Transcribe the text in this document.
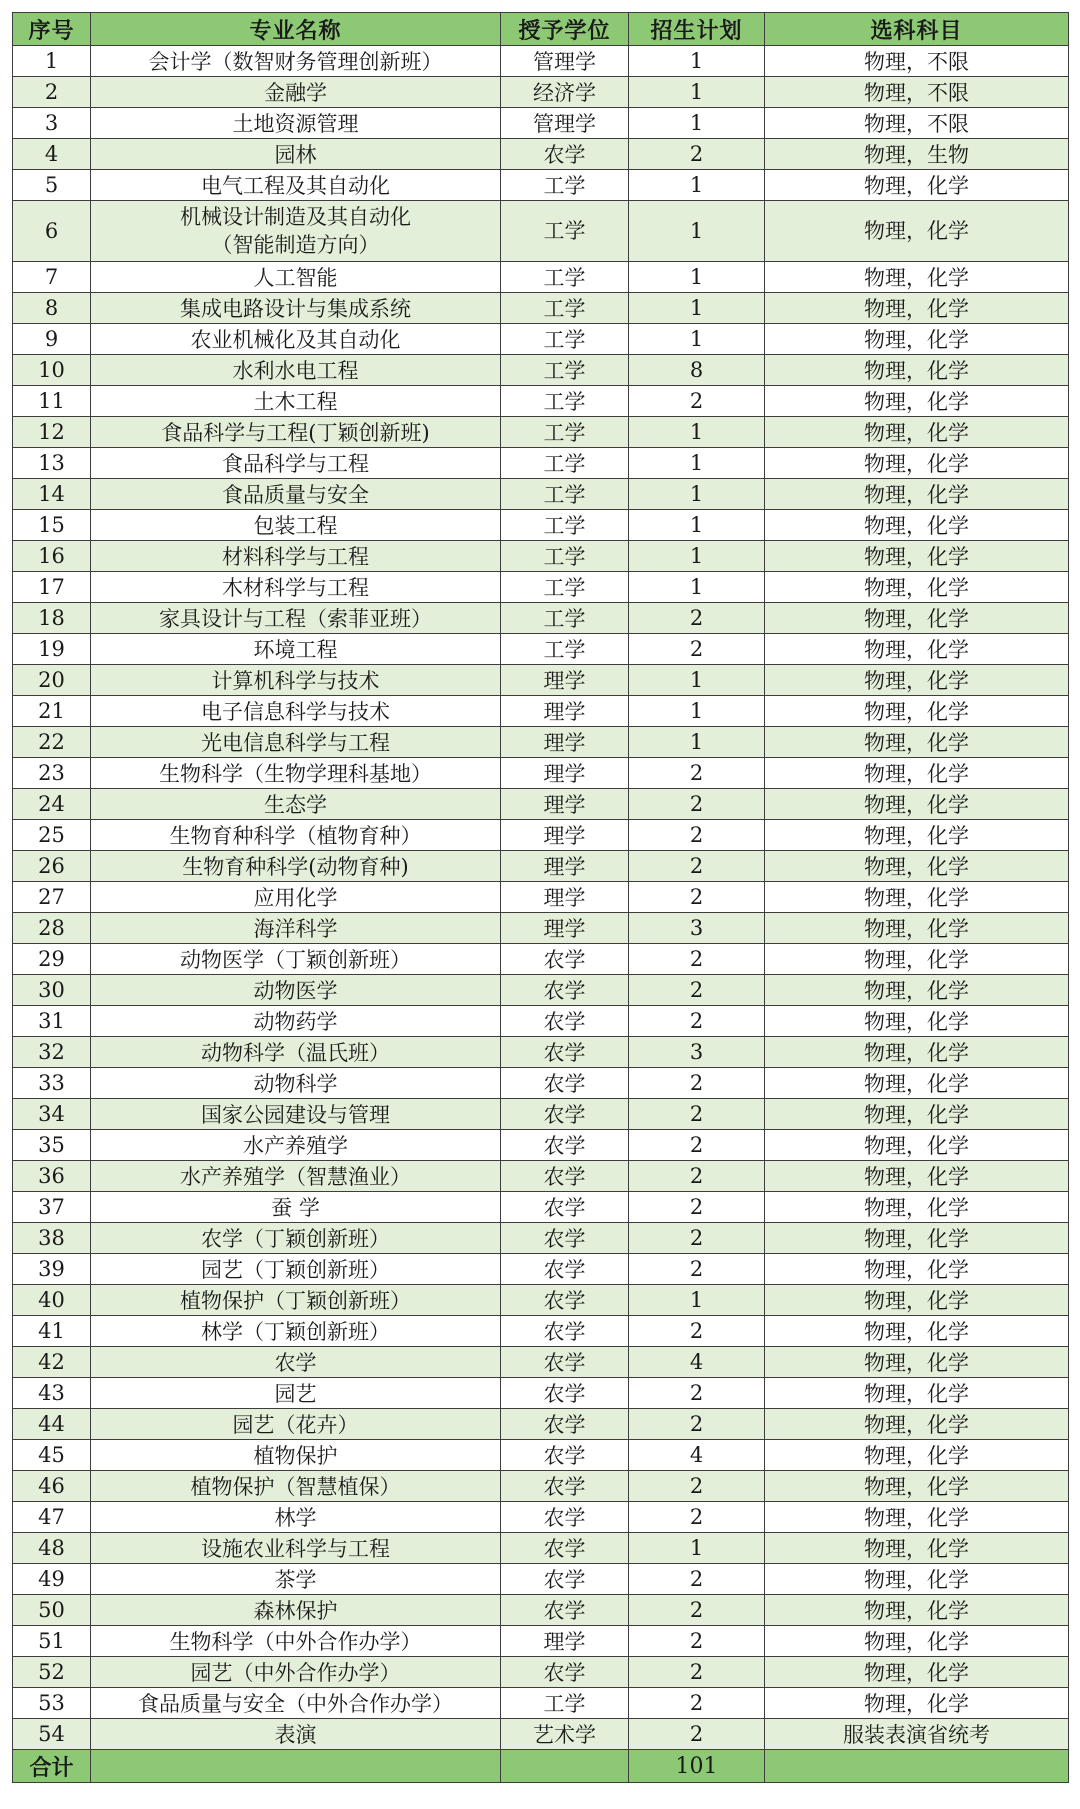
序号	专业名称	授予学位	招生计划	选科科目
1	会计学（数智财务管理创新班）	管理学	1	物理，不限
2	金融学	经济学	1	物理，不限
3	土地资源管理	管理学	1	物理，不限
4	园林	农学	2	物理，生物
5	电气工程及其自动化	工学	1	物理，化学
6	机械设计制造及其自动化
（智能制造方向）	工学	1	物理，化学
7	人工智能	工学	1	物理，化学
8	集成电路设计与集成系统	工学	1	物理，化学
9	农业机械化及其自动化	工学	1	物理，化学
10	水利水电工程	工学	8	物理，化学
11	土木工程	工学	2	物理，化学
12	食品科学与工程(丁颖创新班)	工学	1	物理，化学
13	食品科学与工程	工学	1	物理，化学
14	食品质量与安全	工学	1	物理，化学
15	包装工程	工学	1	物理，化学
16	材料科学与工程	工学	1	物理，化学
17	木材科学与工程	工学	1	物理，化学
18	家具设计与工程（索菲亚班）	工学	2	物理，化学
19	环境工程	工学	2	物理，化学
20	计算机科学与技术	理学	1	物理，化学
21	电子信息科学与技术	理学	1	物理，化学
22	光电信息科学与工程	理学	1	物理，化学
23	生物科学（生物学理科基地）	理学	2	物理，化学
24	生态学	理学	2	物理，化学
25	生物育种科学（植物育种）	理学	2	物理，化学
26	生物育种科学(动物育种)	理学	2	物理，化学
27	应用化学	理学	2	物理，化学
28	海洋科学	理学	3	物理，化学
29	动物医学（丁颖创新班）	农学	2	物理，化学
30	动物医学	农学	2	物理，化学
31	动物药学	农学	2	物理，化学
32	动物科学（温氏班）	农学	3	物理，化学
33	动物科学	农学	2	物理，化学
34	国家公园建设与管理	农学	2	物理，化学
35	水产养殖学	农学	2	物理，化学
36	水产养殖学（智慧渔业）	农学	2	物理，化学
37	蚕 学	农学	2	物理，化学
38	农学（丁颖创新班）	农学	2	物理，化学
39	园艺（丁颖创新班）	农学	2	物理，化学
40	植物保护（丁颖创新班）	农学	1	物理，化学
41	林学（丁颖创新班）	农学	2	物理，化学
42	农学	农学	4	物理，化学
43	园艺	农学	2	物理，化学
44	园艺（花卉）	农学	2	物理，化学
45	植物保护	农学	4	物理，化学
46	植物保护（智慧植保）	农学	2	物理，化学
47	林学	农学	2	物理，化学
48	设施农业科学与工程	农学	1	物理，化学
49	茶学	农学	2	物理，化学
50	森林保护	农学	2	物理，化学
51	生物科学（中外合作办学）	理学	2	物理，化学
52	园艺（中外合作办学）	农学	2	物理，化学
53	食品质量与安全（中外合作办学）	工学	2	物理，化学
54	表演	艺术学	2	服装表演省统考
合计			101	
